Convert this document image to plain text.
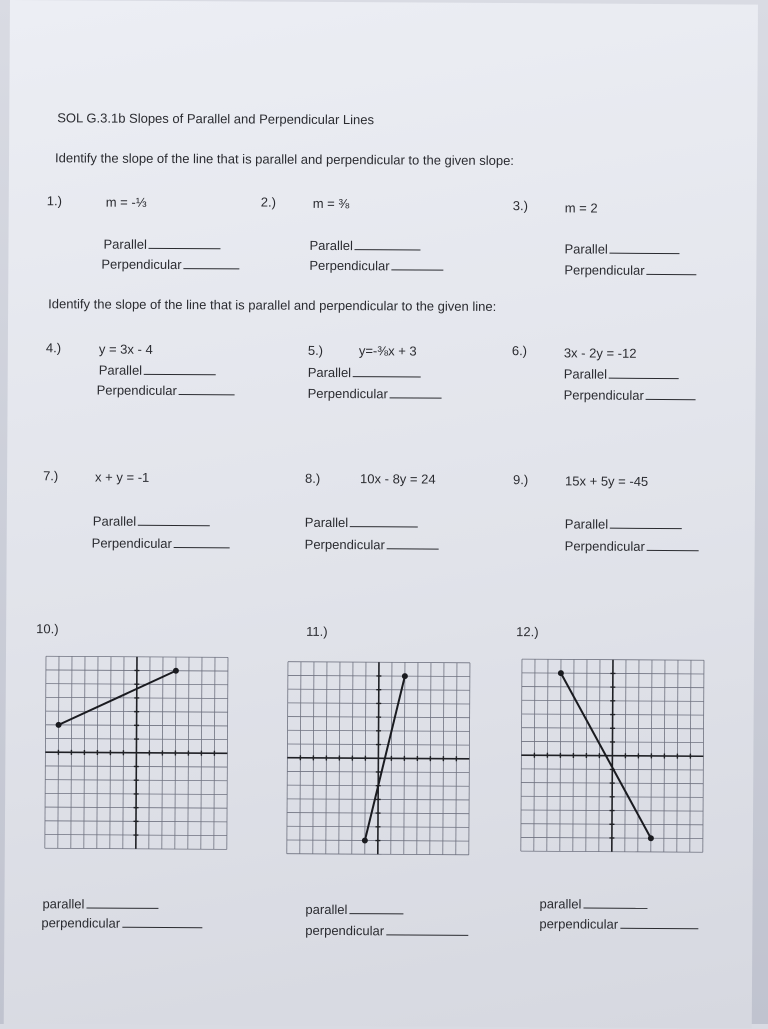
SOL G.3.1b Slopes of Parallel and Perpendicular Lines
Identify the slope of the line that is parallel and perpendicular to the given slope:
1.)	m = -⅓	2.)	m = ⅜	3.)	m = 2
Parallel
Perpendicular
Parallel
Perpendicular
Parallel
Perpendicular
Identify the slope of the line that is parallel and perpendicular to the given line:
4.)	y = 3x - 4	5.)	y=-⅜x + 3	6.)	3x - 2y = -12
Parallel
Perpendicular
Parallel
Perpendicular
Parallel
Perpendicular
7.)	x + y = -1	8.)	10x - 8y = 24	9.)	15x + 5y = -45
Parallel
Perpendicular
Parallel
Perpendicular
Parallel
Perpendicular
10.)	11.)	12.)
parallel
perpendicular
parallel
perpendicular
parallel
perpendicular
